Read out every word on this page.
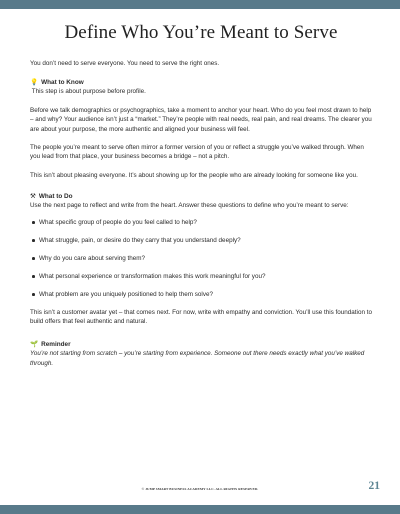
Define Who You’re Meant to Serve

You don’t need to serve everyone. You need to serve the right ones.

💡 What to Know

This step is about purpose before profile.

Before we talk demographics or psychographics, take a moment to anchor your heart. Who do you feel most drawn to help – and why? Your audience isn’t just a “market.” They’re people with real needs, real pain, and real dreams. The clearer you are about your purpose, the more authentic and aligned your business will feel.

The people you’re meant to serve often mirror a former version of you or reflect a struggle you’ve walked through. When you lead from that place, your business becomes a bridge – not a pitch.

This isn’t about pleasing everyone. It’s about showing up for the people who are already looking for someone like you.

⚒ What to Do

Use the next page to reflect and write from the heart. Answer these questions to define who you’re meant to serve:

What specific group of people do you feel called to help?
What struggle, pain, or desire do they carry that you understand deeply?
Why do you care about serving them?
What personal experience or transformation makes this work meaningful for you?
What problem are you uniquely positioned to help them solve?

This isn’t a customer avatar yet – that comes next. For now, write with empathy and conviction. You’ll use this foundation to build offers that feel authentic and natural.

🌱 Reminder

You’re not starting from scratch – you’re starting from experience. Someone out there needs exactly what you’ve walked through.

© JUMP SMART BUSINESS ACADEMY LLC. ALL RIGHTS RESERVED.	21
